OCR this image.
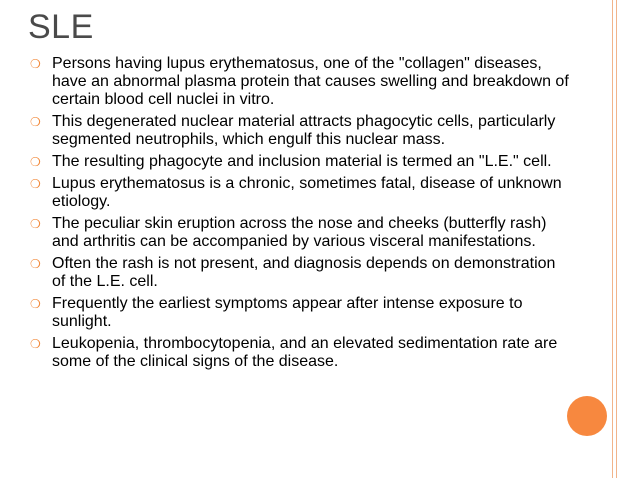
SLE
❍ Persons having lupus erythematosus, one of the "collagen" diseases, have an abnormal plasma protein that causes swelling and breakdown of certain blood cell nuclei in vitro.
❍ This degenerated nuclear material attracts phagocytic cells, particularly segmented neutrophils, which engulf this nuclear mass.
❍ The resulting phagocyte and inclusion material is termed an "L.E." cell.
❍ Lupus erythematosus is a chronic, sometimes fatal, disease of unknown etiology.
❍ The peculiar skin eruption across the nose and cheeks (butterfly rash) and arthritis can be accompanied by various visceral manifestations.
❍ Often the rash is not present, and diagnosis depends on demonstration of the L.E. cell.
❍ Frequently the earliest symptoms appear after intense exposure to sunlight.
❍ Leukopenia, thrombocytopenia, and an elevated sedimentation rate are some of the clinical signs of the disease.
